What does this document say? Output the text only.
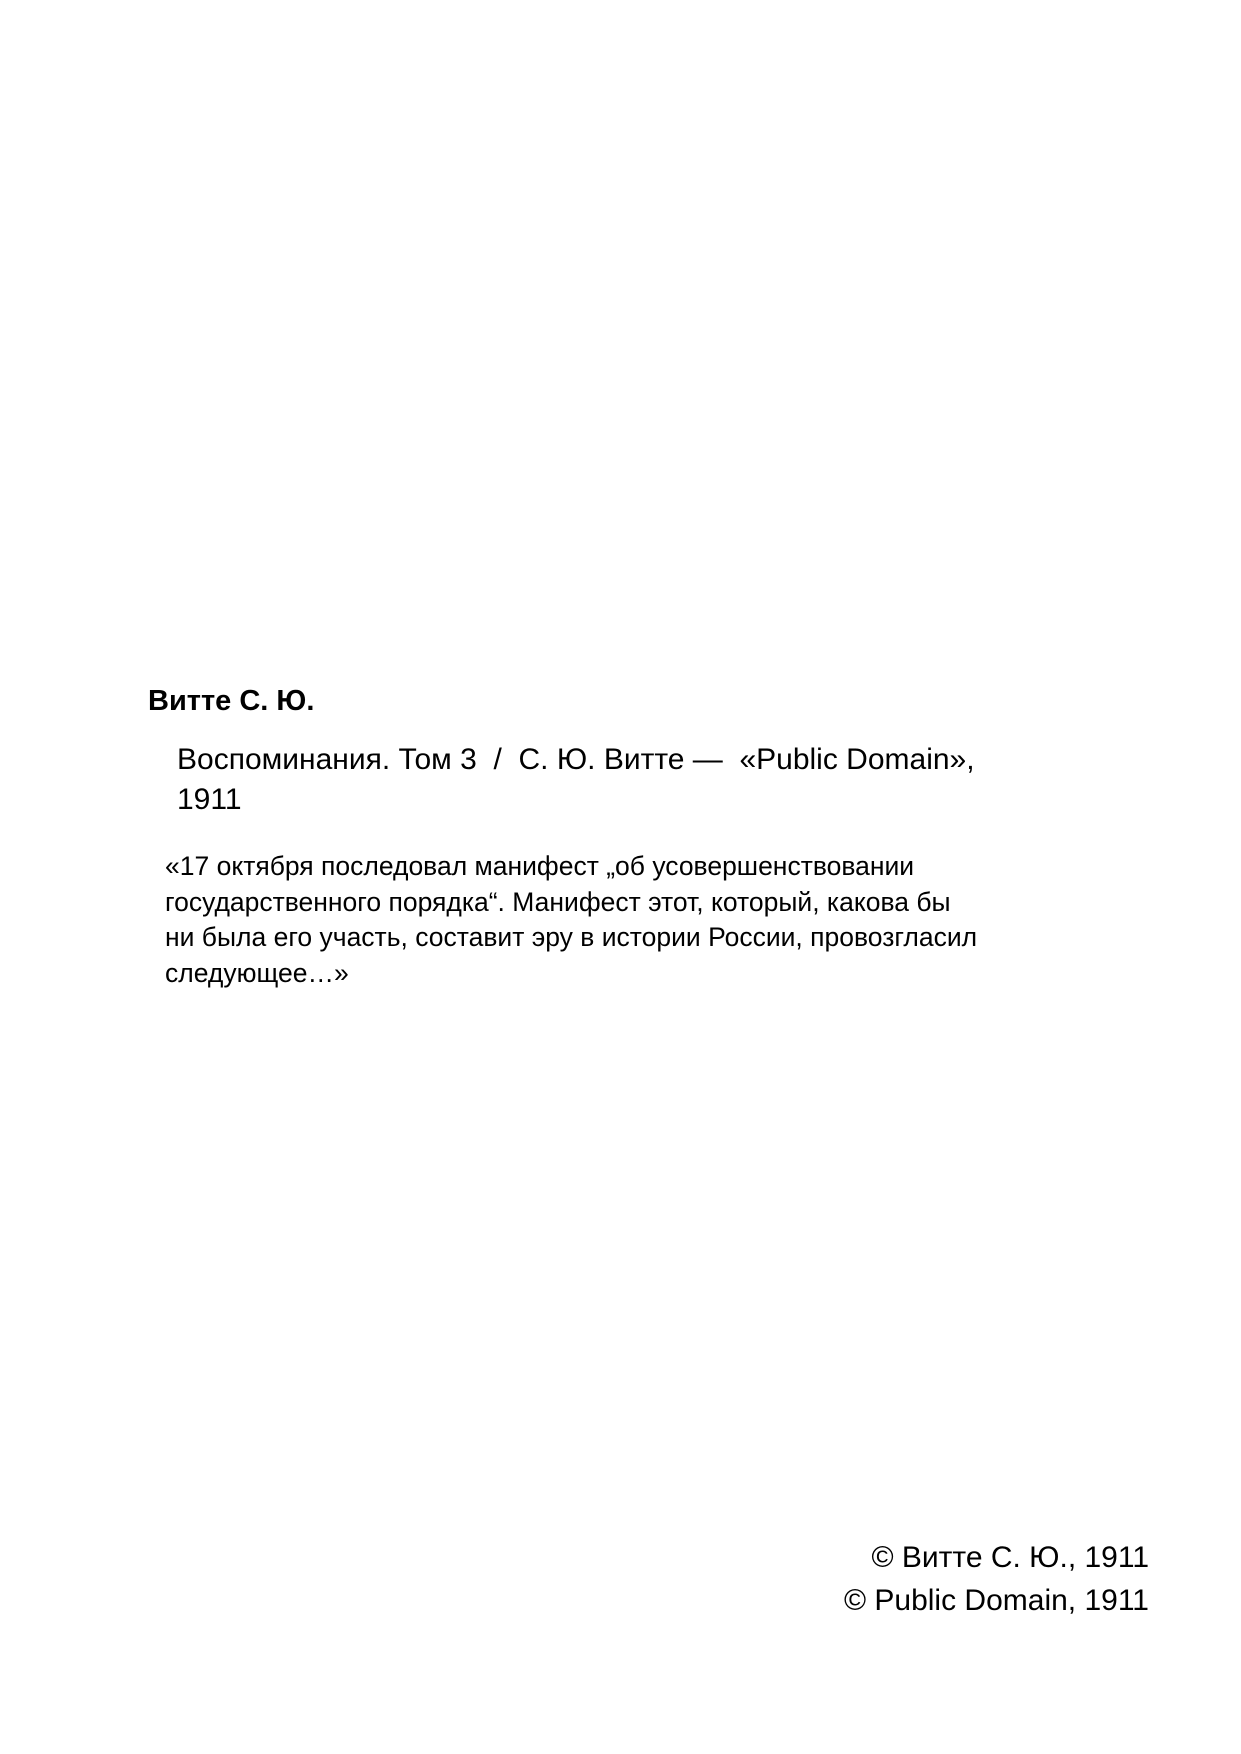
Витте С. Ю.

Воспоминания. Том 3  /  С. Ю. Витте —  «Public Domain»,
1911

«17 октября последовал манифест „об усовершенствовании
государственного порядка“. Манифест этот, который, какова бы
ни была его участь, составит эру в истории России, провозгласил
следующее…»

© Витте С. Ю., 1911
© Public Domain, 1911
